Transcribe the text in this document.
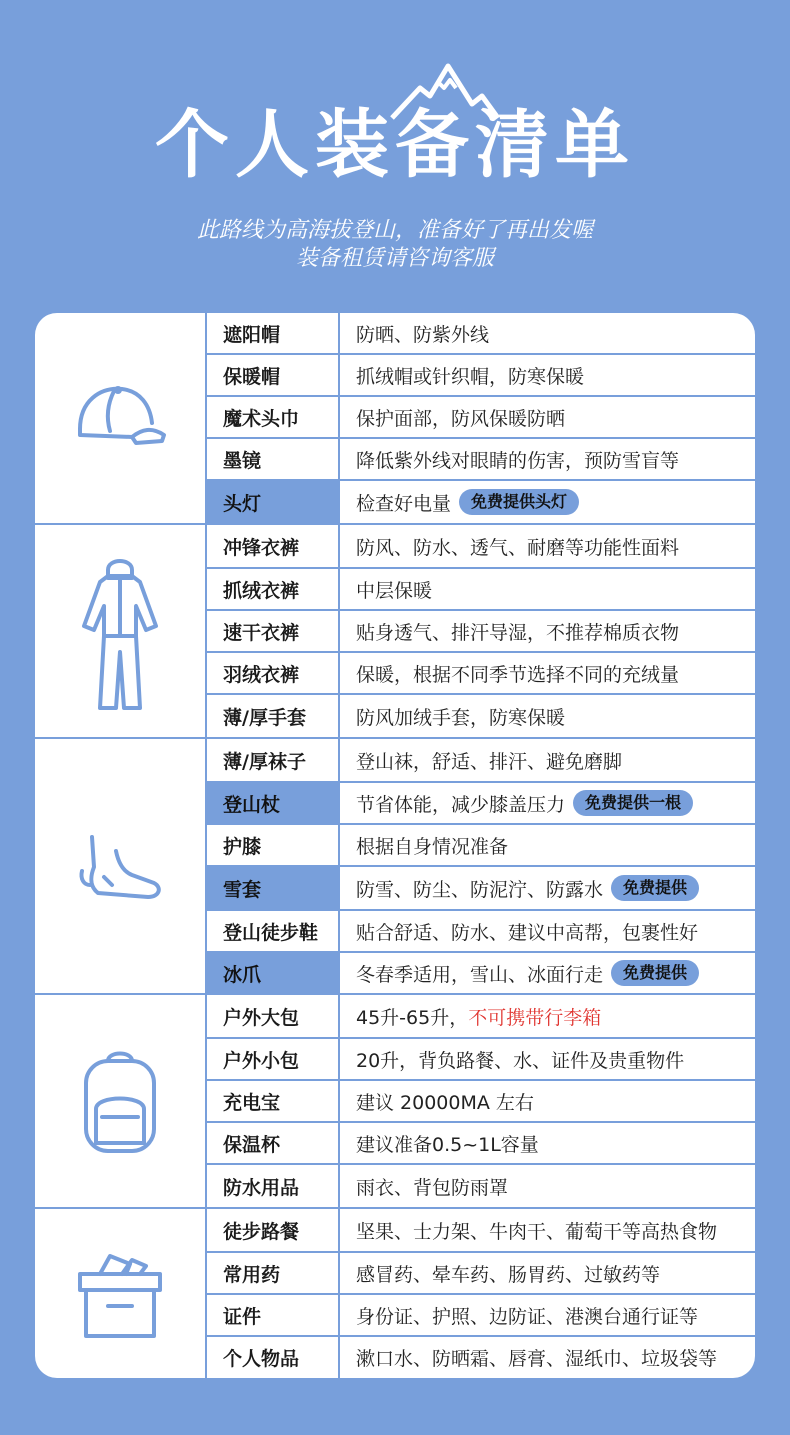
个人装备清单
此路线为高海拔登山，准备好了再出发喔
装备租赁请咨询客服
遮阳帽	防晒、防紫外线
保暖帽	抓绒帽或针织帽，防寒保暖
魔术头巾	保护面部，防风保暖防晒
墨镜	降低紫外线对眼睛的伤害，预防雪盲等
头灯	检查好电量	免费提供头灯
冲锋衣裤	防风、防水、透气、耐磨等功能性面料
抓绒衣裤	中层保暖
速干衣裤	贴身透气、排汗导湿，不推荐棉质衣物
羽绒衣裤	保暖，根据不同季节选择不同的充绒量
薄/厚手套	防风加绒手套，防寒保暖
薄/厚袜子	登山袜，舒适、排汗、避免磨脚
登山杖	节省体能，减少膝盖压力	免费提供一根
护膝	根据自身情况准备
雪套	防雪、防尘、防泥泞、防露水	免费提供
登山徒步鞋	贴合舒适、防水、建议中高帮，包裹性好
冰爪	冬春季适用，雪山、冰面行走	免费提供
户外大包	45升-65升， 不可携带行李箱
户外小包	20升，背负路餐、水、证件及贵重物件
充电宝	建议 20000MA 左右
保温杯	建议准备0.5~1L容量
防水用品	雨衣、背包防雨罩
徒步路餐	坚果、士力架、牛肉干、葡萄干等高热食物
常用药	感冒药、晕车药、肠胃药、过敏药等
证件	身份证、护照、边防证、港澳台通行证等
个人物品	漱口水、防晒霜、唇膏、湿纸巾、垃圾袋等
